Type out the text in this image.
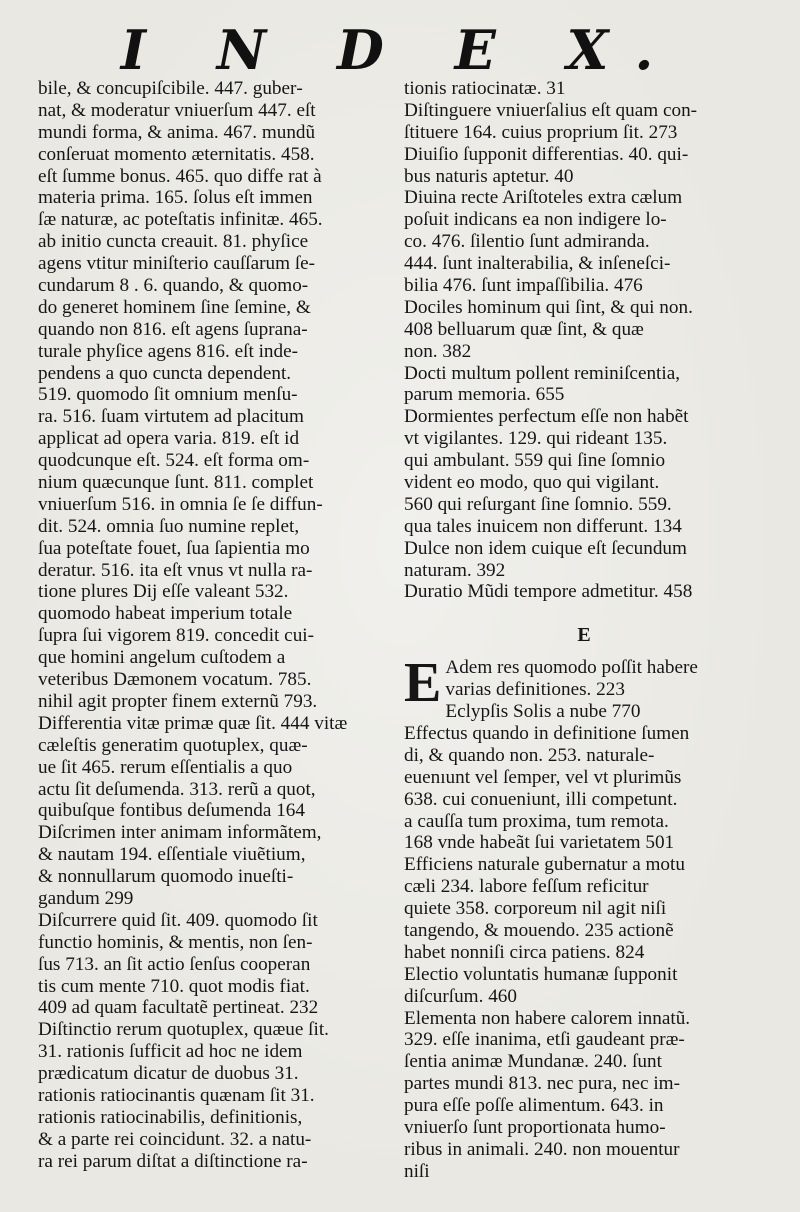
I N D E X.
bile, & concupiſcibile. 447. guber‑
nat, & moderatur vniuerſum 447. eſt
mundi forma, & anima. 467. mundũ
conſeruat momento æternitatis. 458.
eſt ſumme bonus. 465. quo diffe rat à
materia prima. 165. ſolus eſt immen
ſæ naturæ, ac poteſtatis infinitæ. 465.
ab initio cuncta creauit. 81. phyſice
agens vtitur miniſterio cauſſarum ſe-
cundarum 8 . 6. quando, & quomo-
do generet hominem ſine ſemine, &
quando non 816. eſt agens ſuprana-
turale phyſice agens 816. eſt inde-
pendens a quo cuncta dependent.
519. quomodo ſit omnium menſu-
ra. 516. ſuam virtutem ad placitum
applicat ad opera varia. 819. eſt id
quodcunque eſt. 524. eſt forma om-
nium quæcunque ſunt. 811. complet
vniuerſum 516. in omnia ſe ſe diffun-
dit. 524. omnia ſuo numine replet,
ſua poteſtate fouet, ſua ſapientia mo
deratur. 516. ita eſt vnus vt nulla ra-
tione plures Dij eſſe valeant 532.
quomodo habeat imperium totale
ſupra ſui vigorem 819. concedit cui-
que homini angelum cuſtodem a
veteribus Dæmonem vocatum. 785.
nihil agit propter finem externũ 793.
Differentia vitæ primæ quæ ſit. 444 vitæ
cæleſtis generatim quotuplex, quæ-
ue ſit 465. rerum eſſentialis a quo
actu ſit deſumenda. 313. rerũ a quot,
quibuſque fontibus deſumenda 164
Diſcrimen inter animam informãtem,
& nautam 194. eſſentiale viuẽtium,
& nonnullarum quomodo inueſti-
gandum 299
Diſcurrere quid ſit. 409. quomodo ſit
functio hominis, & mentis, non ſen-
ſus 713. an ſit actio ſenſus cooperan
tis cum mente 710. quot modis fiat.
409 ad quam facultatẽ pertineat. 232
Diſtinctio rerum quotuplex, quæue ſit.
31. rationis ſufficit ad hoc ne idem
prædicatum dicatur de duobus 31.
rationis ratiocinantis quænam ſit 31.
rationis ratiocinabilis, definitionis,
& a parte rei coincidunt. 32. a natu-
ra rei parum diſtat a diſtinctione ra-
tionis ratiocinatæ. 31
Diſtinguere vniuerſalius eſt quam con-
ſtituere 164. cuius proprium ſit. 273
Diuiſio ſupponit differentias. 40. qui-
bus naturis aptetur. 40
Diuina recte Ariſtoteles extra cælum
poſuit indicans ea non indigere lo-
co. 476. ſilentio ſunt admiranda.
444. ſunt inalterabilia, & inſeneſci-
bilia 476. ſunt impaſſibilia. 476
Dociles hominum qui ſint, & qui non.
408 belluarum quæ ſint, & quæ
non. 382
Docti multum pollent reminiſcentia,
parum memoria. 655
Dormientes perfectum eſſe non habẽt
vt vigilantes. 129. qui rideant 135.
qui ambulant. 559 qui ſine ſomnio
vident eo modo, quo qui vigilant.
560 qui reſurgant ſine ſomnio. 559.
qua tales inuicem non differunt. 134
Dulce non idem cuique eſt ſecundum
naturam. 392
Duratio Mũdi tempore admetitur. 458
E
E Adem res quomodo poſſit habere
varias definitiones. 223
Eclypſis Solis a nube 770
Effectus quando in definitione ſumen
di, & quando non. 253. naturale-
euenıunt vel ſemper, vel vt plurimũs
638. cui conueniunt, illi competunt.
a cauſſa tum proxima, tum remota.
168 vnde habeãt ſui varietatem 501
Efficiens naturale gubernatur a motu
cæli 234. labore feſſum reficitur
quiete 358. corporeum nil agit niſi
tangendo, & mouendo. 235 actionẽ
habet nonniſi circa patiens. 824
Electio voluntatis humanæ ſupponit
diſcurſum. 460
Elementa non habere calorem innatũ.
329. eſſe inanima, etſi gaudeant præ-
ſentia animæ Mundanæ. 240. ſunt
partes mundi 813. nec pura, nec im-
pura eſſe poſſe alimentum. 643. in
vniuerſo ſunt proportionata humo-
ribus in animali. 240. non mouentur
niſi
